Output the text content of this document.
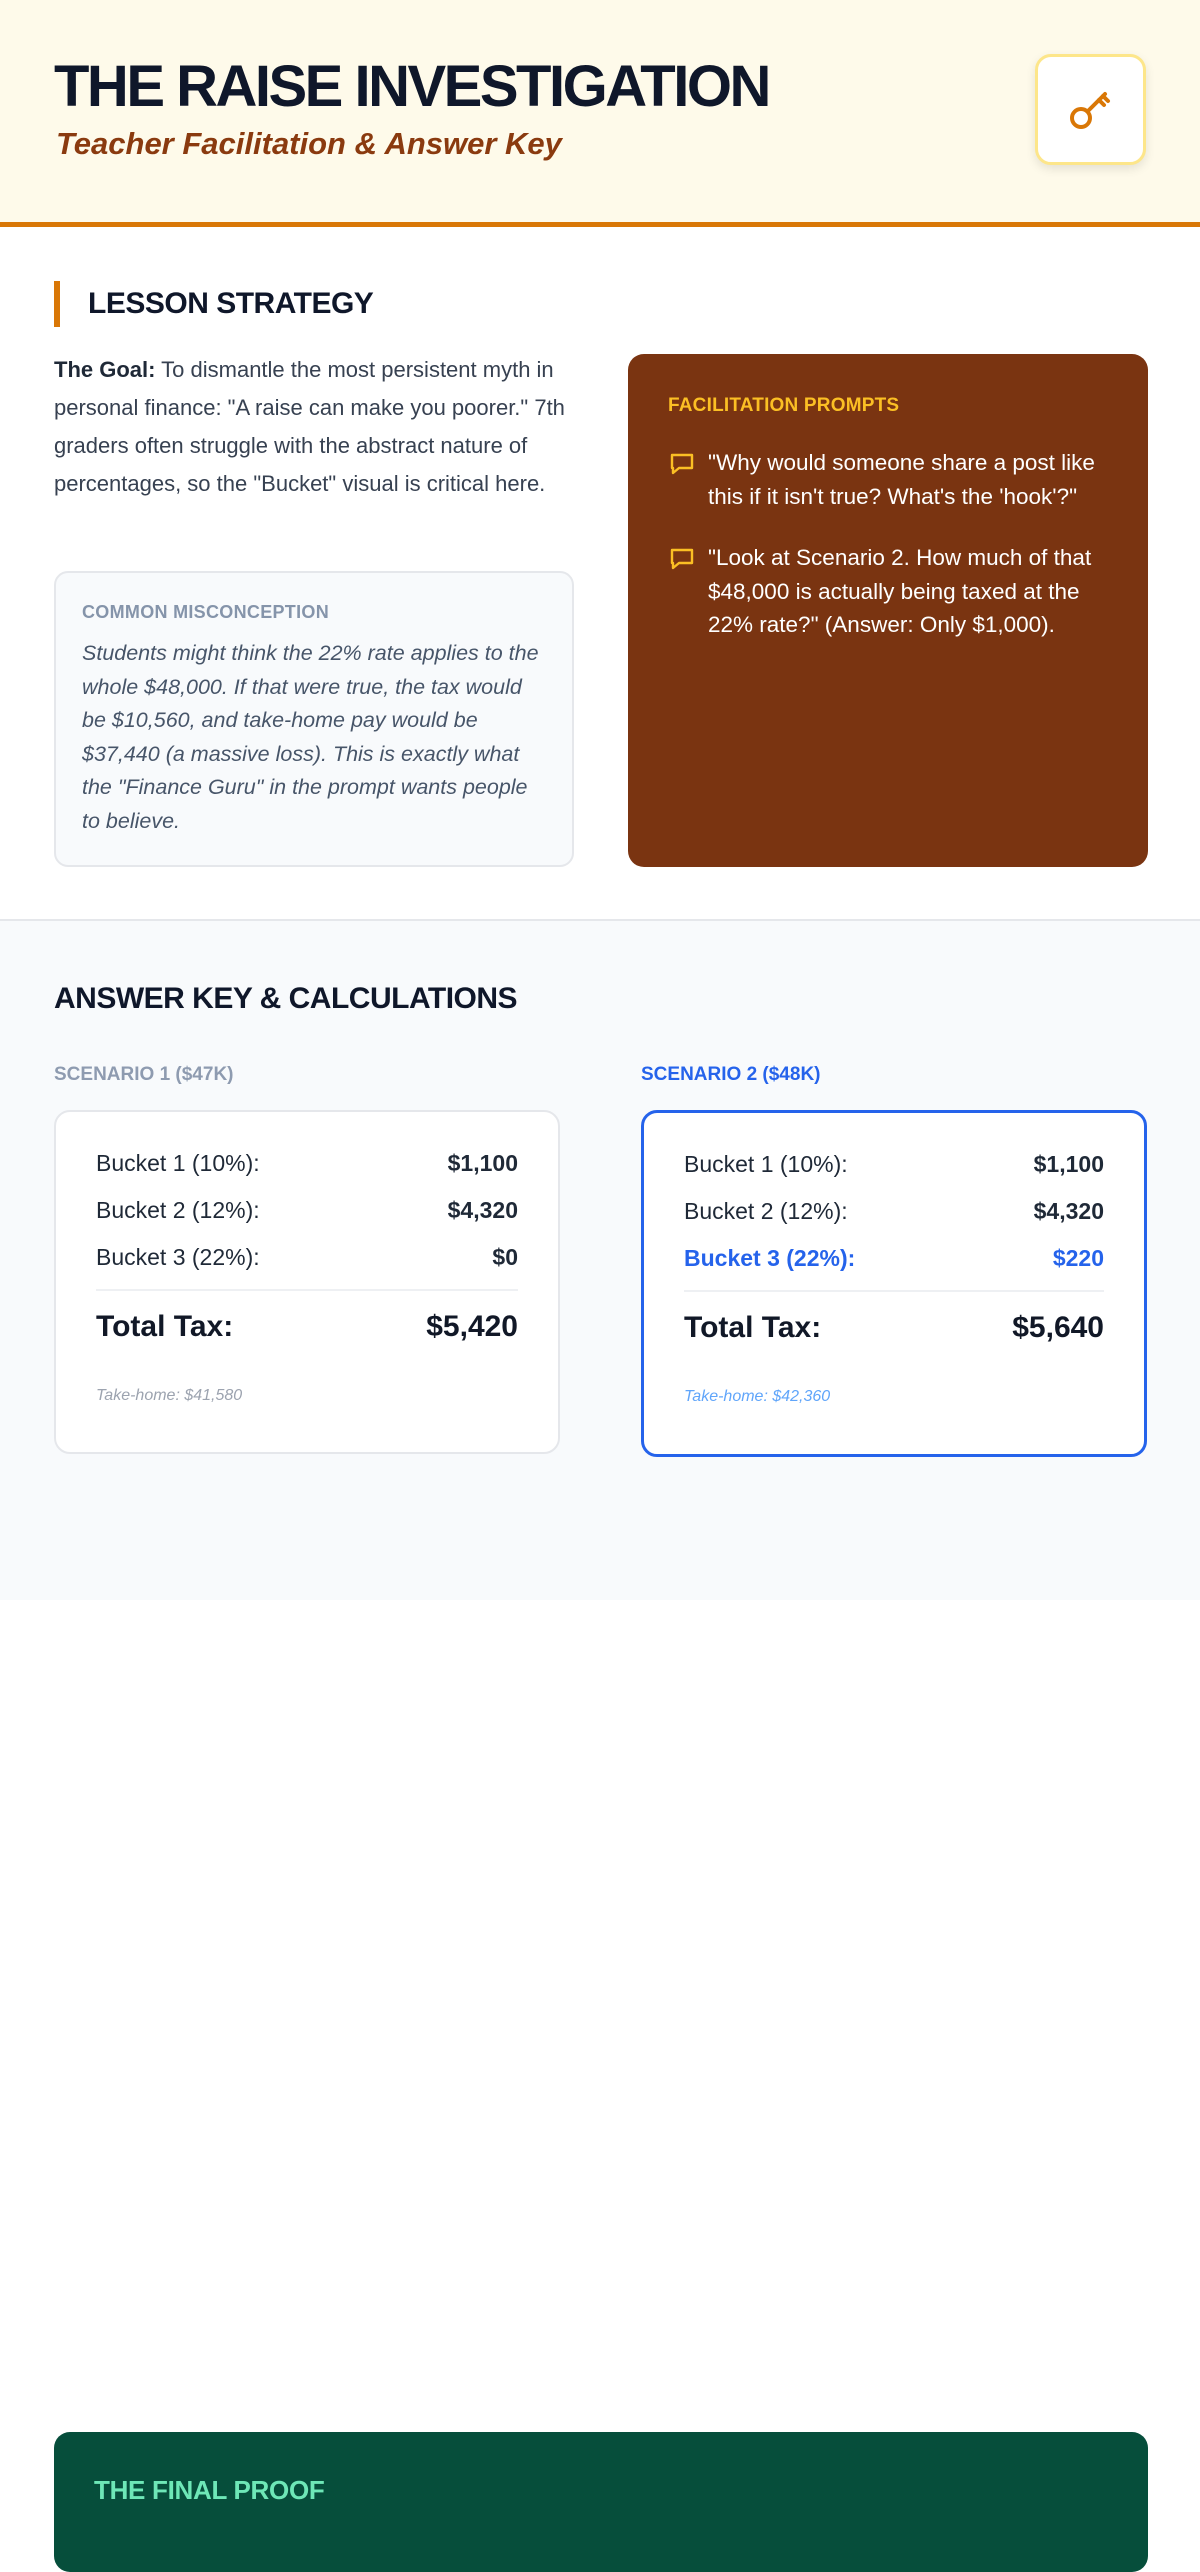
THE RAISE INVESTIGATION
Teacher Facilitation & Answer Key
LESSON STRATEGY
The Goal: To dismantle the most persistent myth in personal finance: "A raise can make you poorer." 7th graders often struggle with the abstract nature of percentages, so the "Bucket" visual is critical here.
COMMON MISCONCEPTION
Students might think the 22% rate applies to the whole $48,000. If that were true, the tax would be $10,560, and take-home pay would be $37,440 (a massive loss). This is exactly what the "Finance Guru" in the prompt wants people to believe.
FACILITATION PROMPTS
"Why would someone share a post like this if it isn't true? What's the 'hook'?"
"Look at Scenario 2. How much of that $48,000 is actually being taxed at the 22% rate?" (Answer: Only $1,000).
ANSWER KEY & CALCULATIONS
SCENARIO 1 ($47K)	SCENARIO 2 ($48K)
Bucket 1 (10%):	$1,100
Bucket 2 (12%):	$4,320
Bucket 3 (22%):	$0
Total Tax:	$5,420
Take-home: $41,580
Bucket 1 (10%):	$1,100
Bucket 2 (12%):	$4,320
Bucket 3 (22%):	$220
Total Tax:	$5,640
Take-home: $42,360
THE FINAL PROOF
